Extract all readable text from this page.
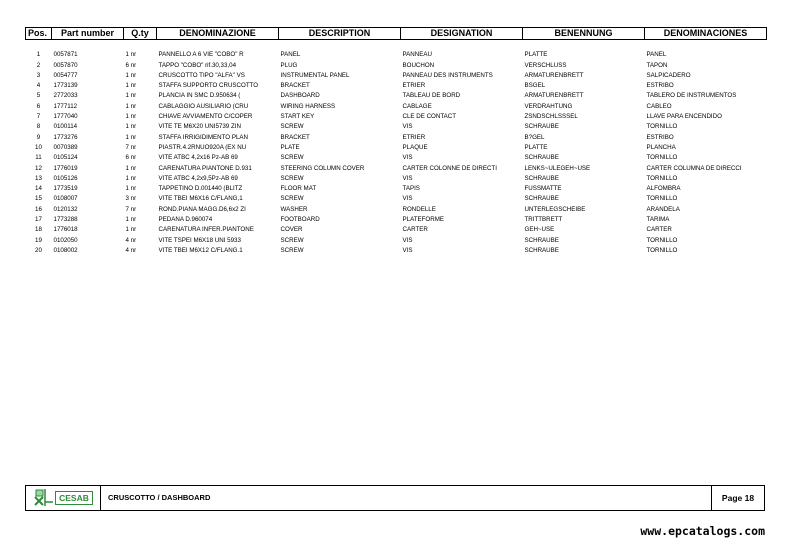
Pos.	Part number	Q.ty	DENOMINAZIONE	DESCRIPTION	DESIGNATION	BENENNUNG	DENOMINACIONES

1	0057871	1 nr	PANNELLO A 6 VIE "COBO" R	PANEL	PANNEAU	PLATTE	PANEL
2	0057870	6 nr	TAPPO "COBO" rif.30,33,04	PLUG	BOUCHON	VERSCHLUSS	TAPON
3	0054777	1 nr	CRUSCOTTO TIPO "ALFA" VS	INSTRUMENTAL PANEL	PANNEAU DES INSTRUMENTS	ARMATURENBRETT	SALPICADERO
4	1773139	1 nr	STAFFA SUPPORTO CRUSCOTTO	BRACKET	ETRIER	BSGEL	ESTRIBO
5	2772033	1 nr	PLANCIA IN SMC D.950634 (	DASHBOARD	TABLEAU DE BORD	ARMATURENBRETT	TABLERO DE INSTRUMENTOS
6	1777112	1 nr	CABLAGGIO AUSILIARIO (CRU	WIRING HARNESS	CABLAGE	VERDRAHTUNG	CABLEO
7	1777040	1 nr	CHIAVE AVVIAMENTO C/COPER	START KEY	CLE DE CONTACT	ZSNDSCHLSSSEL	LLAVE PARA ENCENDIDO
8	0100114	1 nr	VITE TE M6X20 UNI5739 ZIN	SCREW	VIS	SCHRAUBE	TORNILLO
9	1773276	1 nr	STAFFA IRRIGIDIMENTO PLAN	BRACKET	ETRIER	B?GEL	ESTRIBO
10	0070389	7 nr	PIASTR.4.2RNUO920A (EX NU	PLATE	PLAQUE	PLATTE	PLANCHA
11	0105124	6 nr	VITE ATBC 4,2x16 Pz-AB 69	SCREW	VIS	SCHRAUBE	TORNILLO
12	1776019	1 nr	CARENATURA PIANTONE D.931	STEERING COLUMN COVER	CARTER COLONNE DE DIRECTI	LENKS~ULEGEH~USE	CARTER COLUMNA DE DIRECCI
13	0105126	1 nr	VITE ATBC 4,2x9,5Pz-AB 69	SCREW	VIS	SCHRAUBE	TORNILLO
14	1773519	1 nr	TAPPETINO D.001440 (BLITZ	FLOOR MAT	TAPIS	FUSSMATTE	ALFOMBRA
15	0108007	3 nr	VITE TBEI M6X16 C/FLANG,1	SCREW	VIS	SCHRAUBE	TORNILLO
16	0120132	7 nr	ROND.PIANA MAGG.D6,6x2 ZI	WASHER	RONDELLE	UNTERLEGSCHEIBE	ARANDELA
17	1773288	1 nr	PEDANA D.960074	FOOTBOARD	PLATEFORME	TRITTBRETT	TARIMA
18	1776018	1 nr	CARENATURA INFER.PIANTONE	COVER	CARTER	GEH~USE	CARTER
19	0102050	4 nr	VITE TSPEI M6X18 UNI 5933	SCREW	VIS	SCHRAUBE	TORNILLO
20	0108002	4 nr	VITE TBEI M6X12 C/FLANG.1	SCREW	VIS	SCHRAUBE	TORNILLO
CESAB	CRUSCOTTO / DASHBOARD	Page 18
www.epcatalogs.com
